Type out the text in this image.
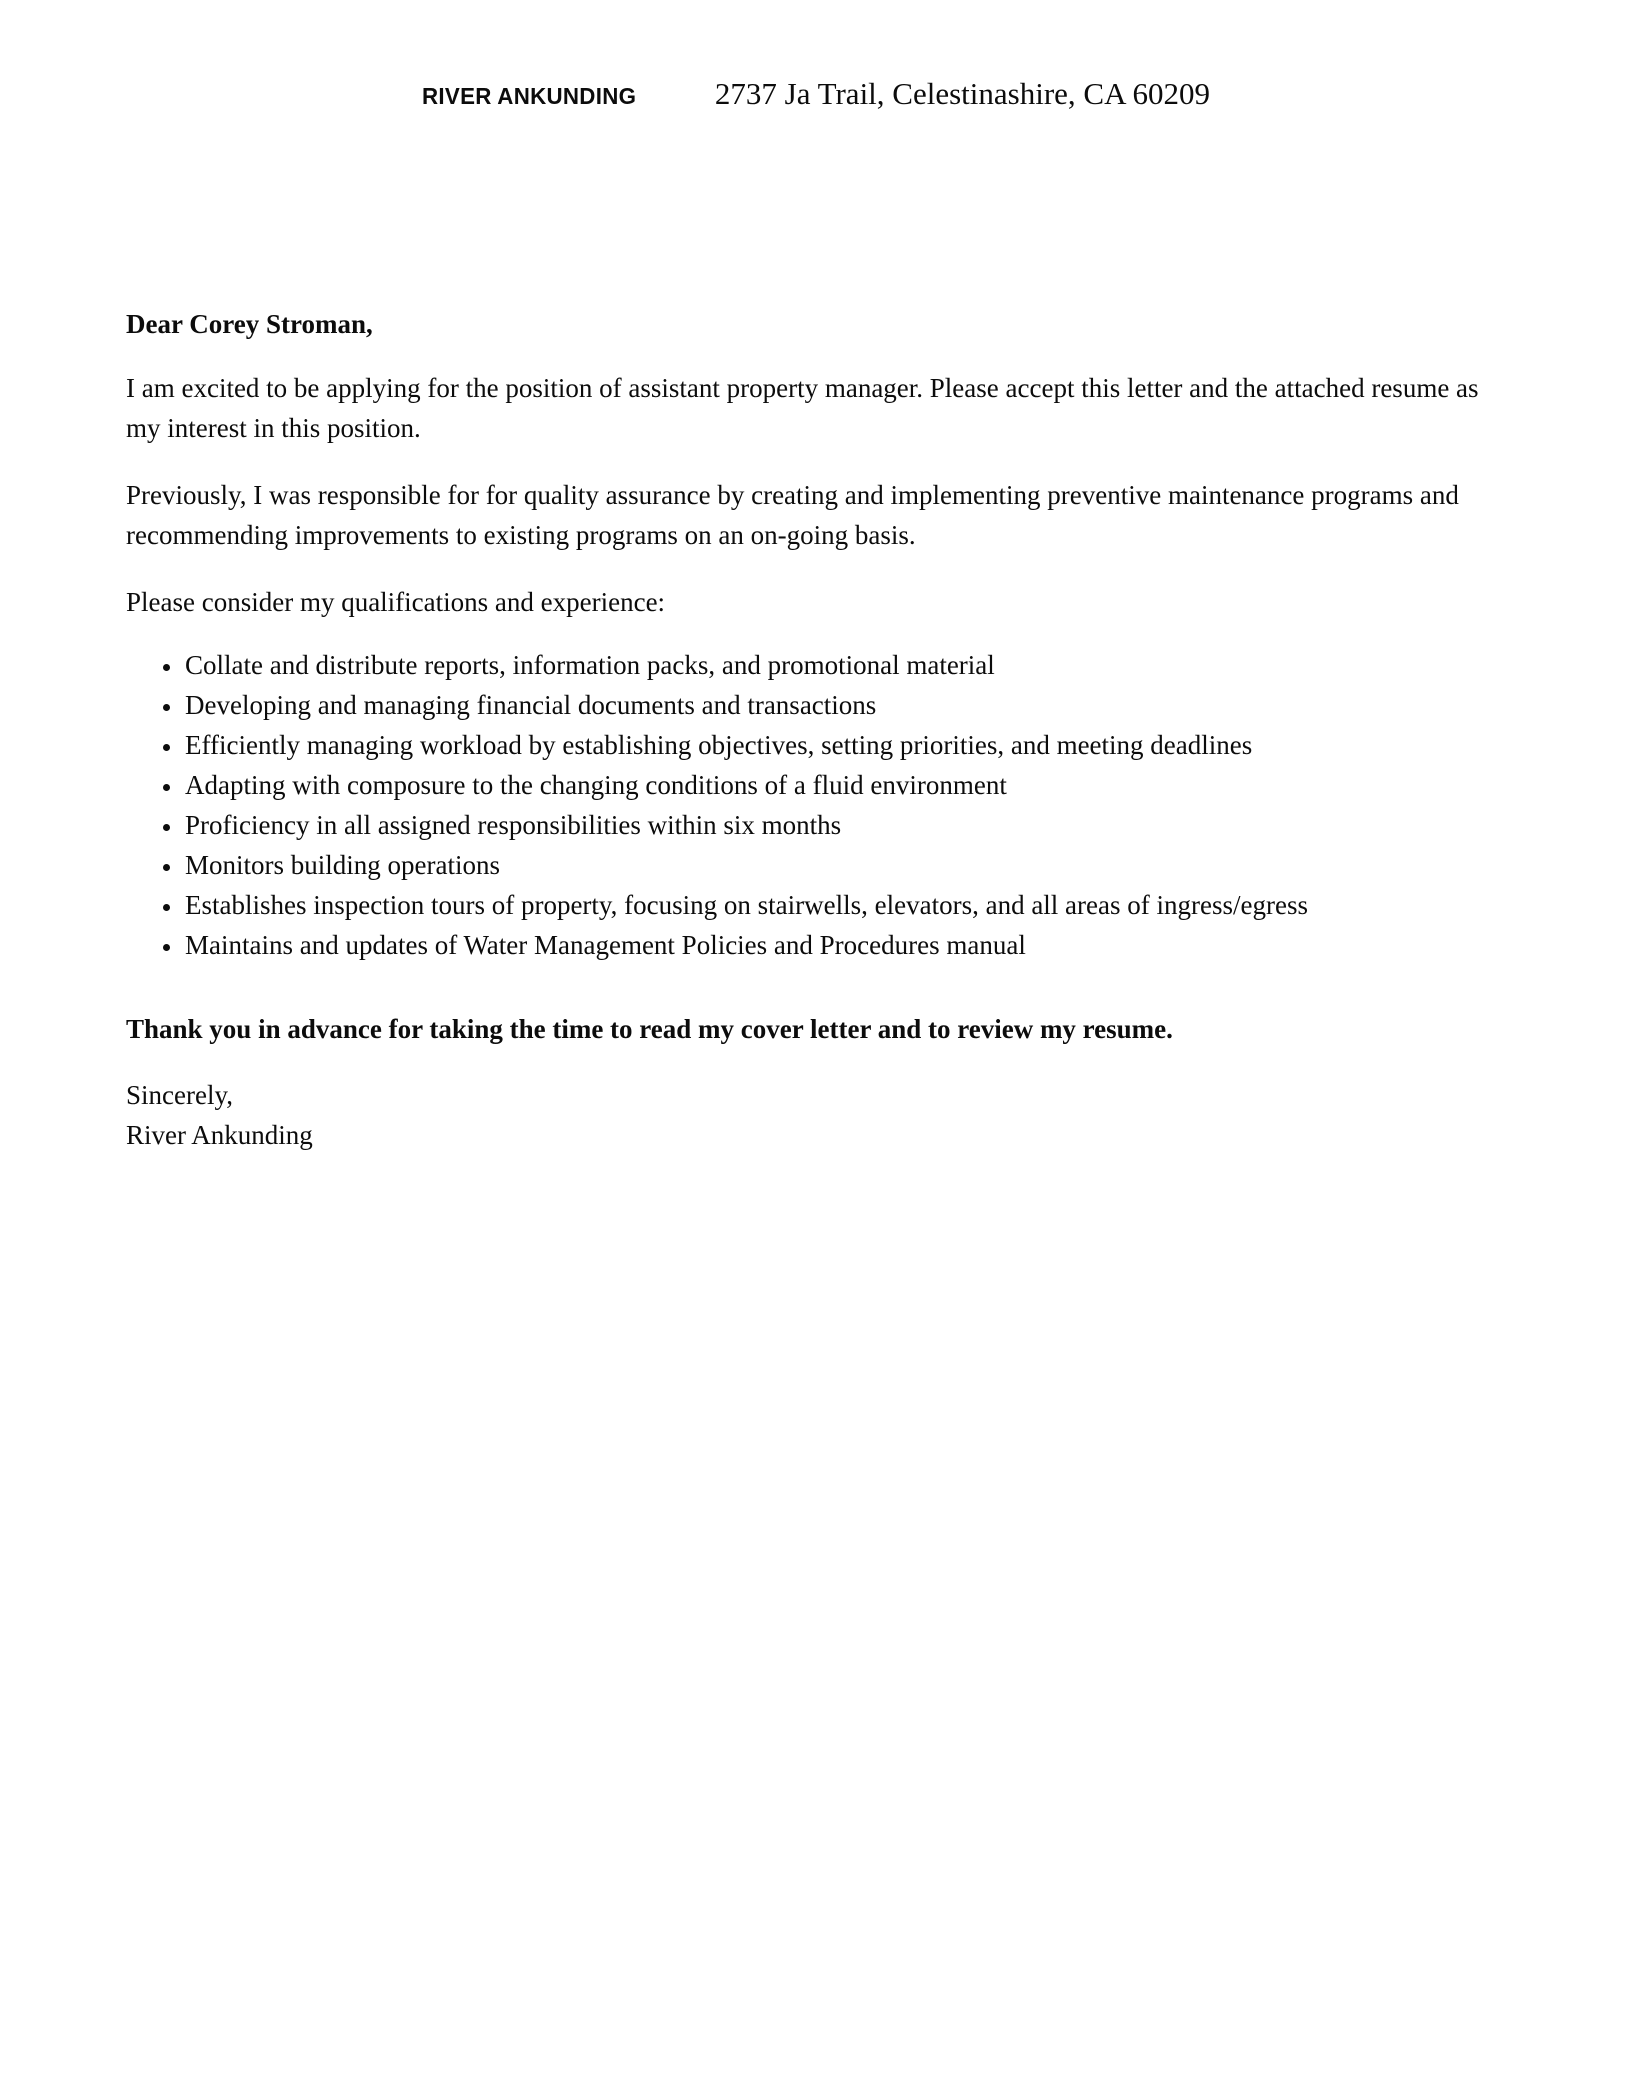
RIVER ANKUNDING	2737 Ja Trail, Celestinashire, CA 60209

Dear Corey Stroman,

I am excited to be applying for the position of assistant property manager. Please accept this letter and the attached resume as my interest in this position.

Previously, I was responsible for for quality assurance by creating and implementing preventive maintenance programs and recommending improvements to existing programs on an on-going basis.

Please consider my qualifications and experience:

• Collate and distribute reports, information packs, and promotional material
• Developing and managing financial documents and transactions
• Efficiently managing workload by establishing objectives, setting priorities, and meeting deadlines
• Adapting with composure to the changing conditions of a fluid environment
• Proficiency in all assigned responsibilities within six months
• Monitors building operations
• Establishes inspection tours of property, focusing on stairwells, elevators, and all areas of ingress/egress
• Maintains and updates of Water Management Policies and Procedures manual

Thank you in advance for taking the time to read my cover letter and to review my resume.

Sincerely,
River Ankunding
